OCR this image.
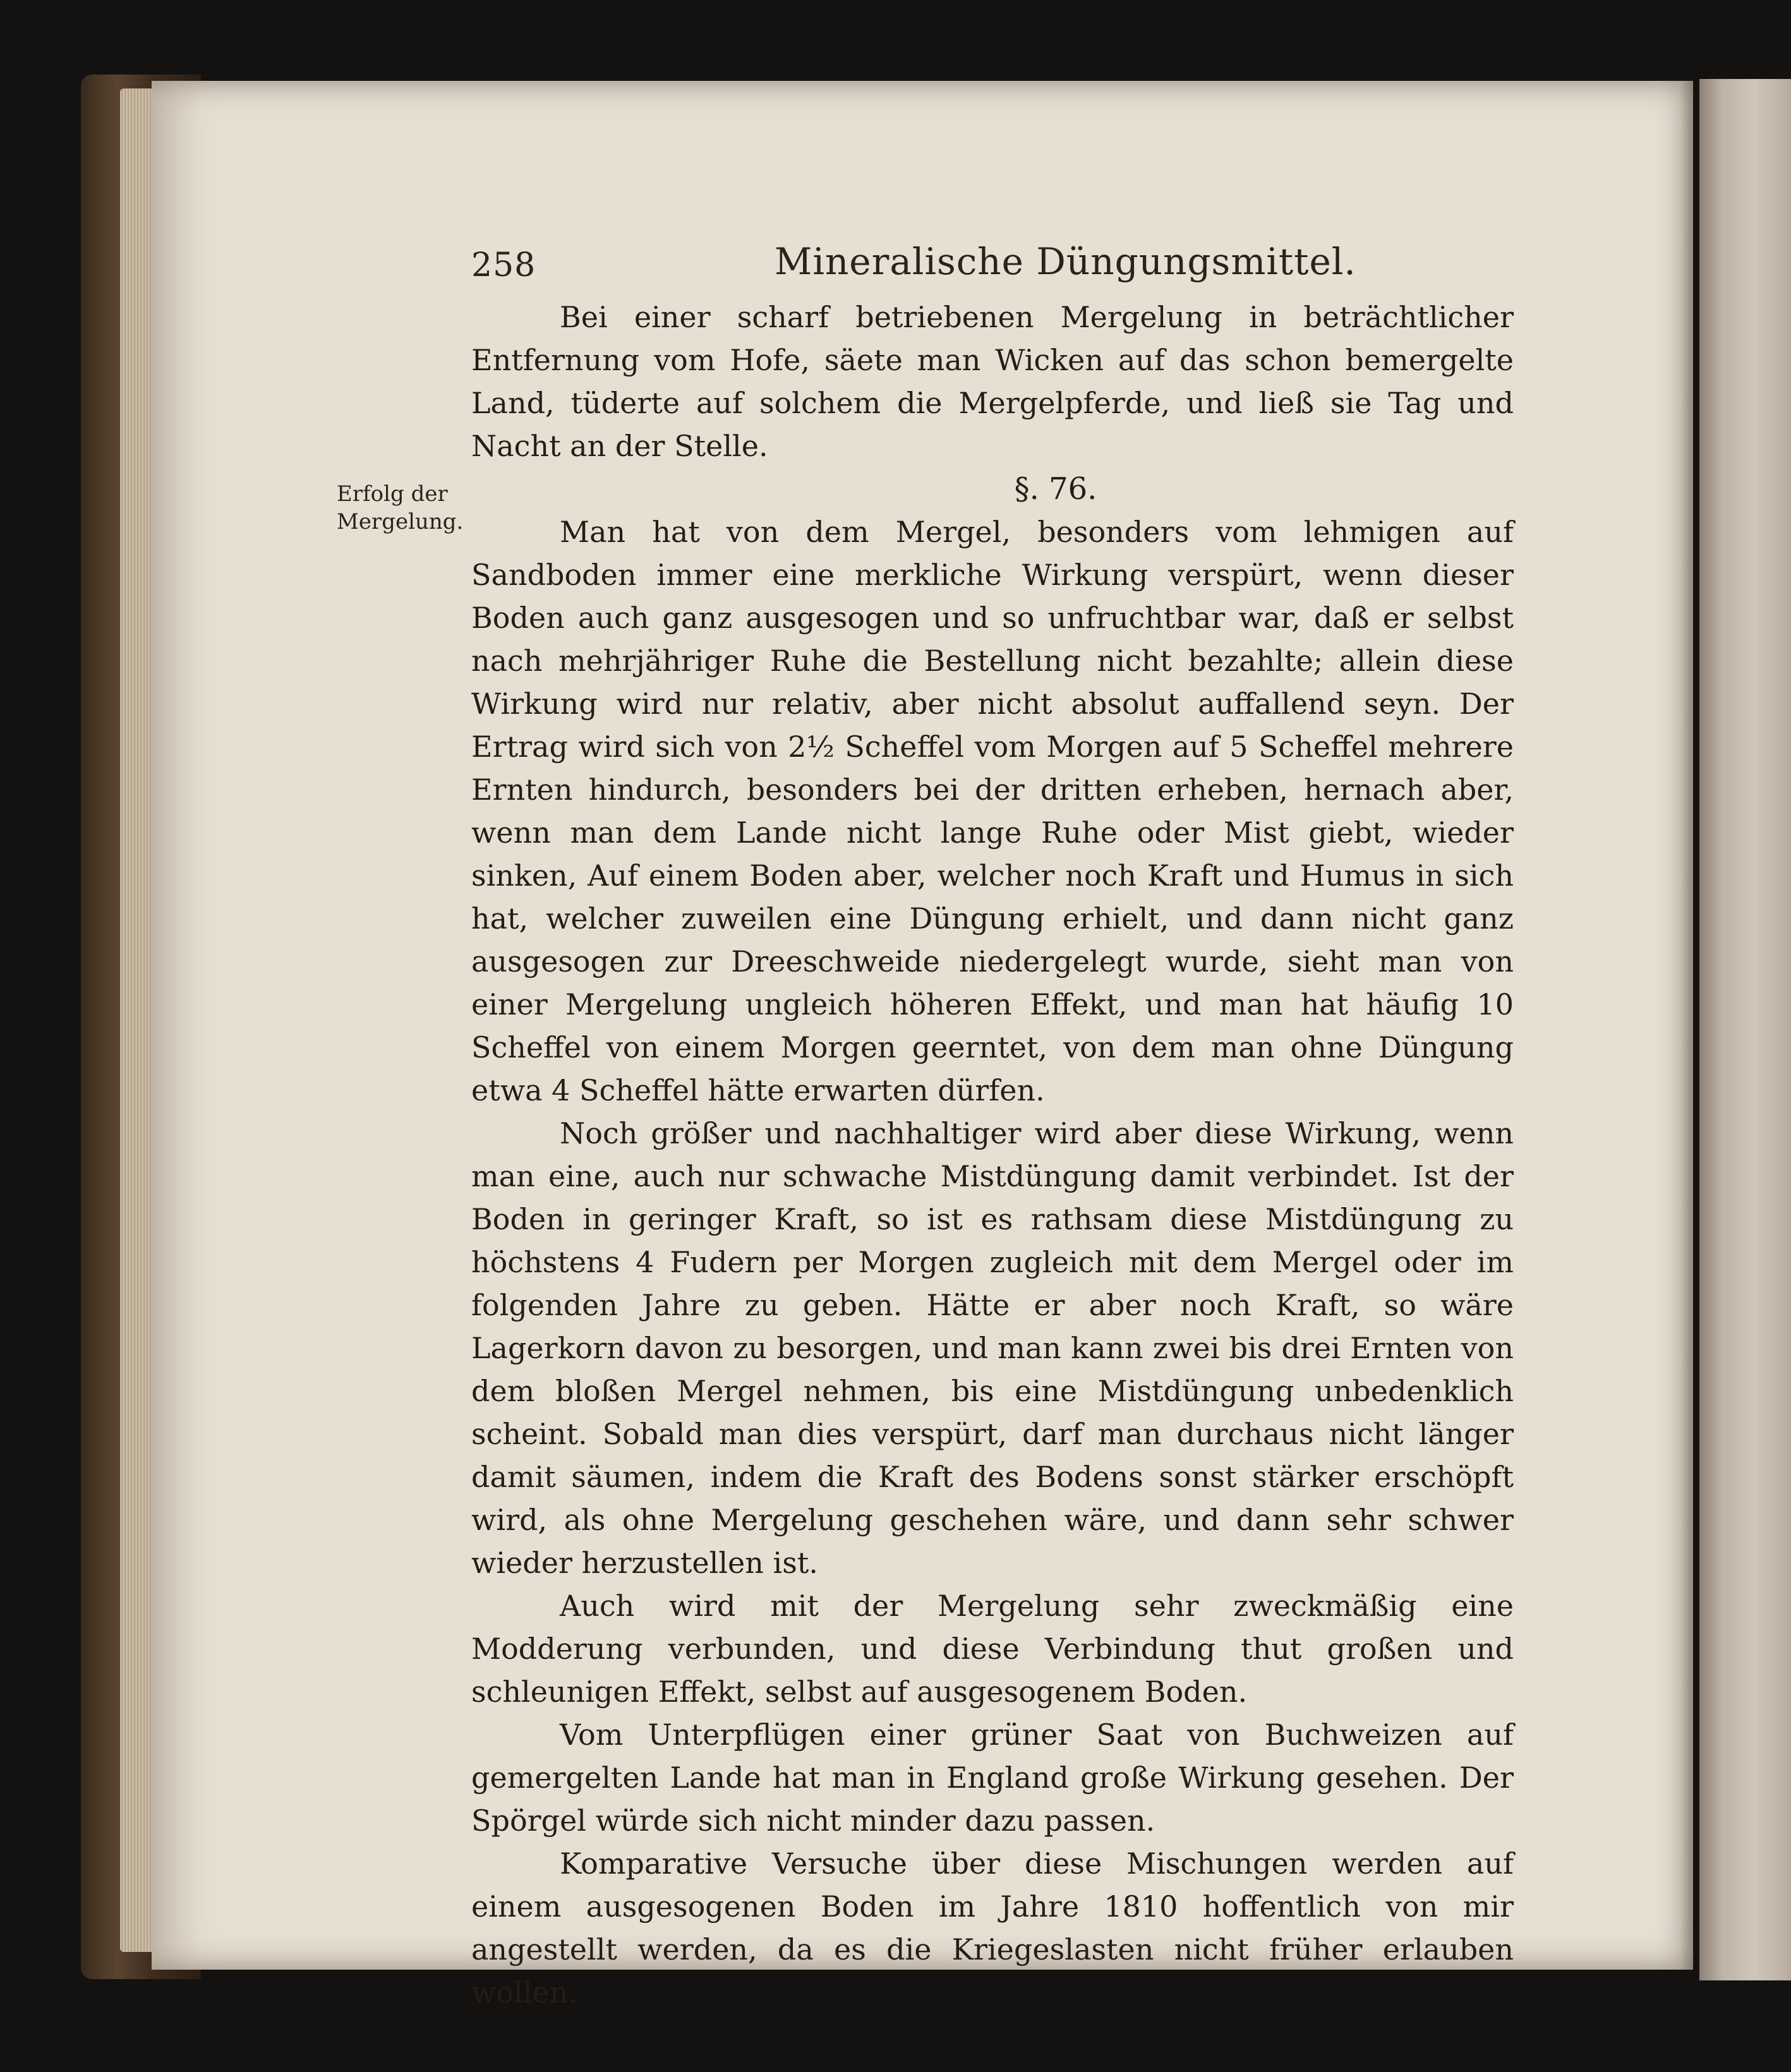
258	Mineralische Düngungsmittel.
Erfolg der
Mergelung.

Bei einer scharf betriebenen Mergelung in beträchtlicher Entfernung vom Hofe, säete man Wicken auf das schon bemergelte Land, tüderte auf solchem die Mergelpferde, und ließ sie Tag und Nacht an der Stelle.

§. 76.

Man hat von dem Mergel, besonders vom lehmigen auf Sandboden immer eine merkliche Wirkung verspürt, wenn dieser Boden auch ganz ausgesogen und so unfruchtbar war, daß er selbst nach mehrjähriger Ruhe die Bestellung nicht bezahlte; allein diese Wirkung wird nur relativ, aber nicht absolut auffallend seyn. Der Ertrag wird sich von 2½ Scheffel vom Morgen auf 5 Scheffel mehrere Ernten hindurch, besonders bei der dritten erheben, hernach aber, wenn man dem Lande nicht lange Ruhe oder Mist giebt, wieder sinken, Auf einem Boden aber, welcher noch Kraft und Humus in sich hat, welcher zuweilen eine Düngung erhielt, und dann nicht ganz ausgesogen zur Dreeschweide niedergelegt wurde, sieht man von einer Mergelung ungleich höheren Effekt, und man hat häufig 10 Scheffel von einem Morgen geerntet, von dem man ohne Düngung etwa 4 Scheffel hätte erwarten dürfen.

Noch größer und nachhaltiger wird aber diese Wirkung, wenn man eine, auch nur schwache Mistdüngung damit verbindet. Ist der Boden in geringer Kraft, so ist es rathsam diese Mistdüngung zu höchstens 4 Fudern per Morgen zugleich mit dem Mergel oder im folgenden Jahre zu geben. Hätte er aber noch Kraft, so wäre Lagerkorn davon zu besorgen, und man kann zwei bis drei Ernten von dem bloßen Mergel nehmen, bis eine Mistdüngung unbedenklich scheint. Sobald man dies verspürt, darf man durchaus nicht länger damit säumen, indem die Kraft des Bodens sonst stärker erschöpft wird, als ohne Mergelung geschehen wäre, und dann sehr schwer wieder herzustellen ist.

Auch wird mit der Mergelung sehr zweckmäßig eine Modderung verbunden, und diese Verbindung thut großen und schleunigen Effekt, selbst auf ausgesogenem Boden.

Vom Unterpflügen einer grüner Saat von Buchweizen auf gemergelten Lande hat man in England große Wirkung gesehen. Der Spörgel würde sich nicht minder dazu passen.

Komparative Versuche über diese Mischungen werden auf einem ausgesogenen Boden im Jahre 1810 hoffentlich von mir angestellt werden, da es die Kriegeslasten nicht früher erlauben wollen.
